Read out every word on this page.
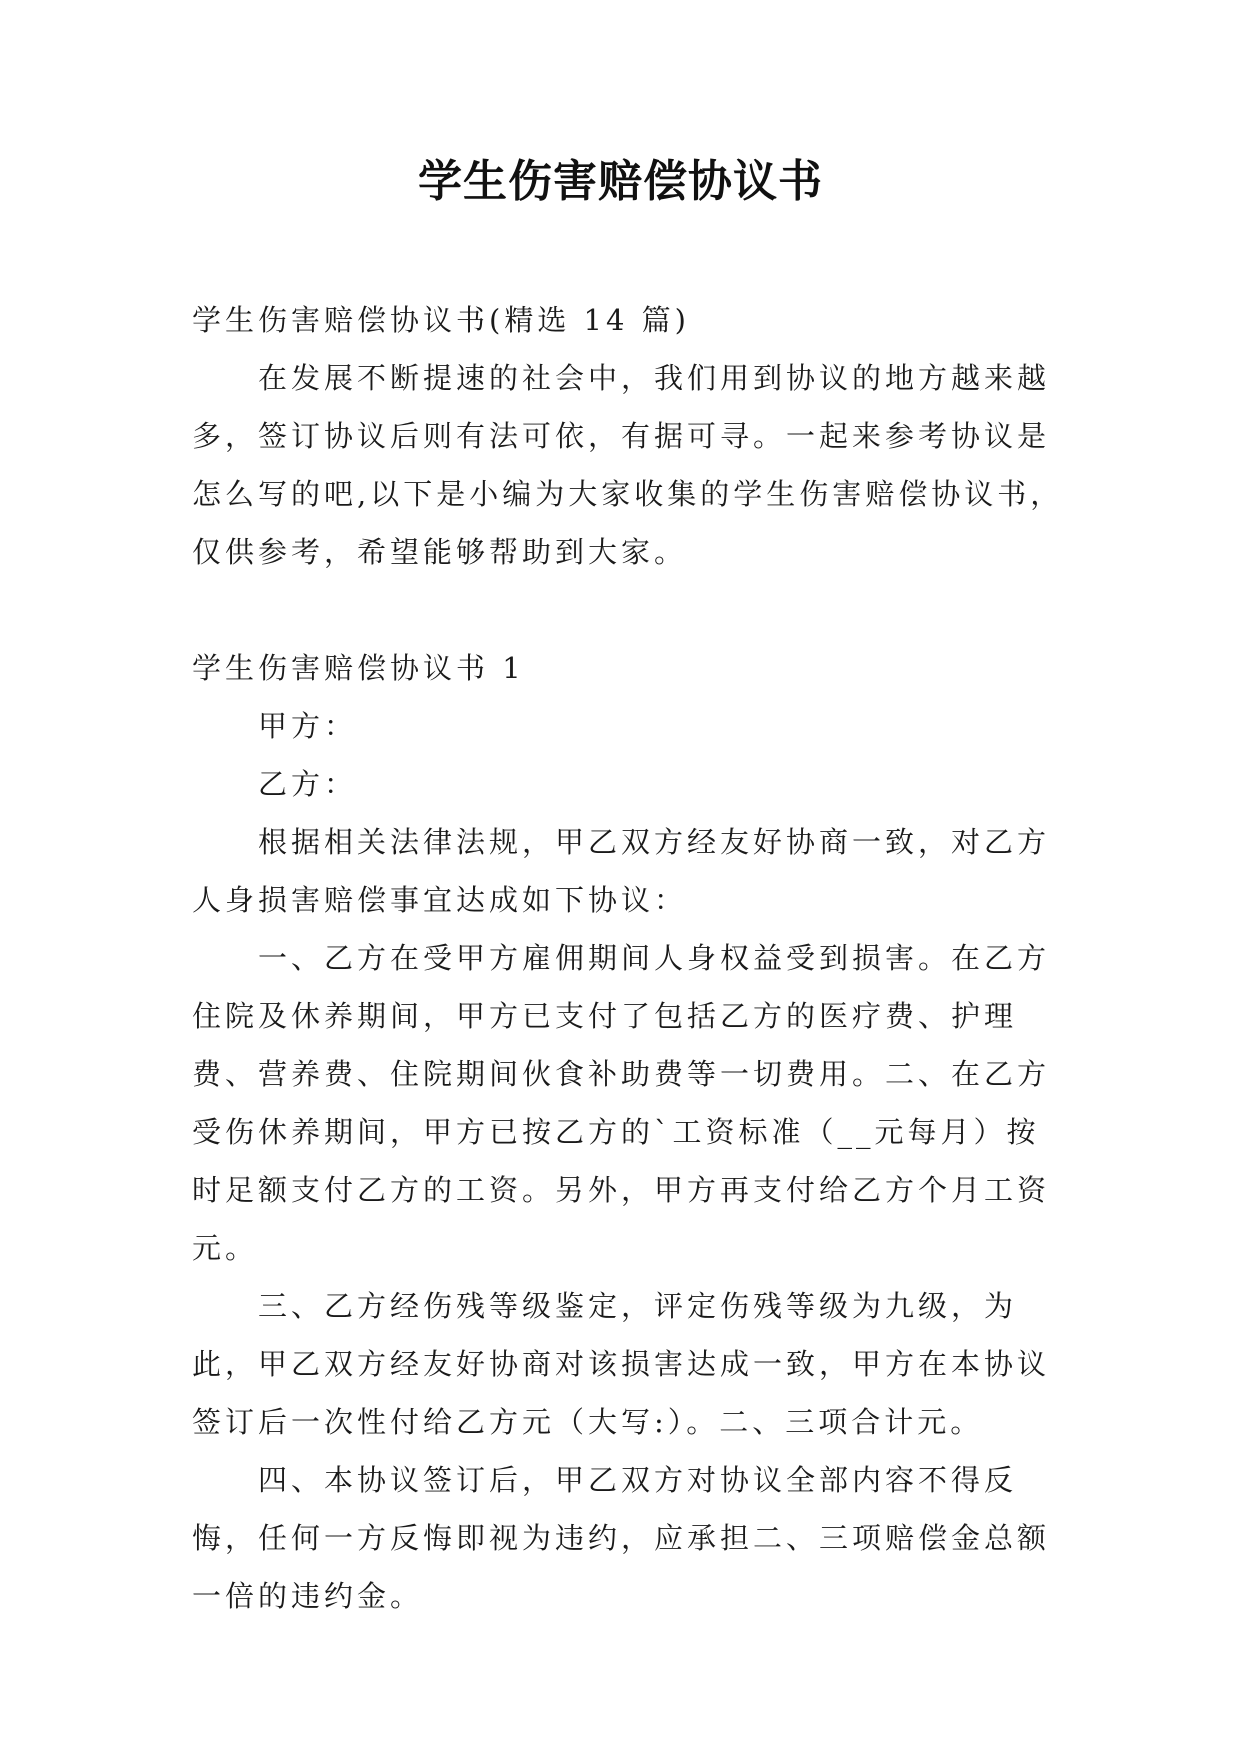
学生伤害赔偿协议书

学生伤害赔偿协议书(精选 14 篇)

在发展不断提速的社会中，我们用到协议的地方越来越多，签订协议后则有法可依，有据可寻。一起来参考协议是怎么写的吧,以下是小编为大家收集的学生伤害赔偿协议书，仅供参考，希望能够帮助到大家。

学生伤害赔偿协议书 1

甲方：

乙方：

根据相关法律法规，甲乙双方经友好协商一致，对乙方人身损害赔偿事宜达成如下协议：

一、乙方在受甲方雇佣期间人身权益受到损害。在乙方住院及休养期间，甲方已支付了包括乙方的医疗费、护理费、营养费、住院期间伙食补助费等一切费用。二、在乙方受伤休养期间，甲方已按乙方的`工资标准（__元每月）按时足额支付乙方的工资。另外，甲方再支付给乙方个月工资元。

三、乙方经伤残等级鉴定，评定伤残等级为九级，为此，甲乙双方经友好协商对该损害达成一致，甲方在本协议签订后一次性付给乙方元（大写:）。二、三项合计元。

四、本协议签订后，甲乙双方对协议全部内容不得反悔，任何一方反悔即视为违约，应承担二、三项赔偿金总额一倍的违约金。
